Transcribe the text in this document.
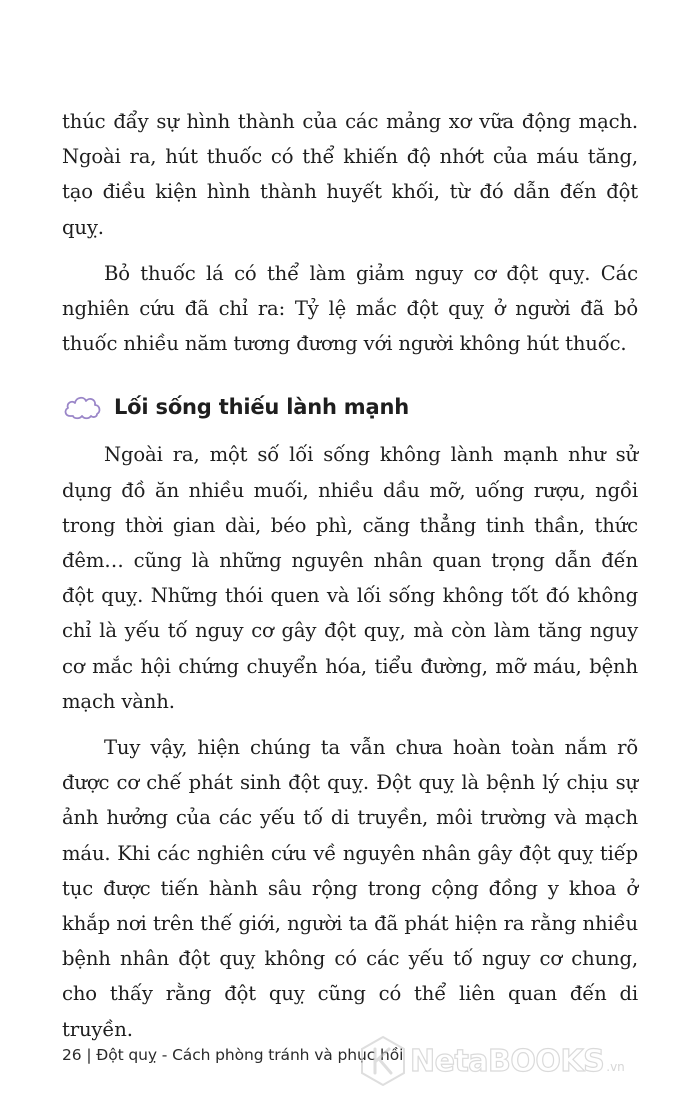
thúc đẩy sự hình thành của các mảng xơ vữa động mạch. Ngoài ra, hút thuốc có thể khiến độ nhớt của máu tăng, tạo điều kiện hình thành huyết khối, từ đó dẫn đến đột quỵ.

Bỏ thuốc lá có thể làm giảm nguy cơ đột quỵ. Các nghiên cứu đã chỉ ra: Tỷ lệ mắc đột quỵ ở người đã bỏ thuốc nhiều năm tương đương với người không hút thuốc.

Lối sống thiếu lành mạnh

Ngoài ra, một số lối sống không lành mạnh như sử dụng đồ ăn nhiều muối, nhiều dầu mỡ, uống rượu, ngồi trong thời gian dài, béo phì, căng thẳng tinh thần, thức đêm… cũng là những nguyên nhân quan trọng dẫn đến đột quỵ. Những thói quen và lối sống không tốt đó không chỉ là yếu tố nguy cơ gây đột quỵ, mà còn làm tăng nguy cơ mắc hội chứng chuyển hóa, tiểu đường, mỡ máu, bệnh mạch vành.

Tuy vậy, hiện chúng ta vẫn chưa hoàn toàn nắm rõ được cơ chế phát sinh đột quỵ. Đột quỵ là bệnh lý chịu sự ảnh hưởng của các yếu tố di truyền, môi trường và mạch máu. Khi các nghiên cứu về nguyên nhân gây đột quỵ tiếp tục được tiến hành sâu rộng trong cộng đồng y khoa ở khắp nơi trên thế giới, người ta đã phát hiện ra rằng nhiều bệnh nhân đột quỵ không có các yếu tố nguy cơ chung, cho thấy rằng đột quỵ cũng có thể liên quan đến di truyền.

26 | Đột quỵ - Cách phòng tránh và phục hồi NetaBOOKS .vn
